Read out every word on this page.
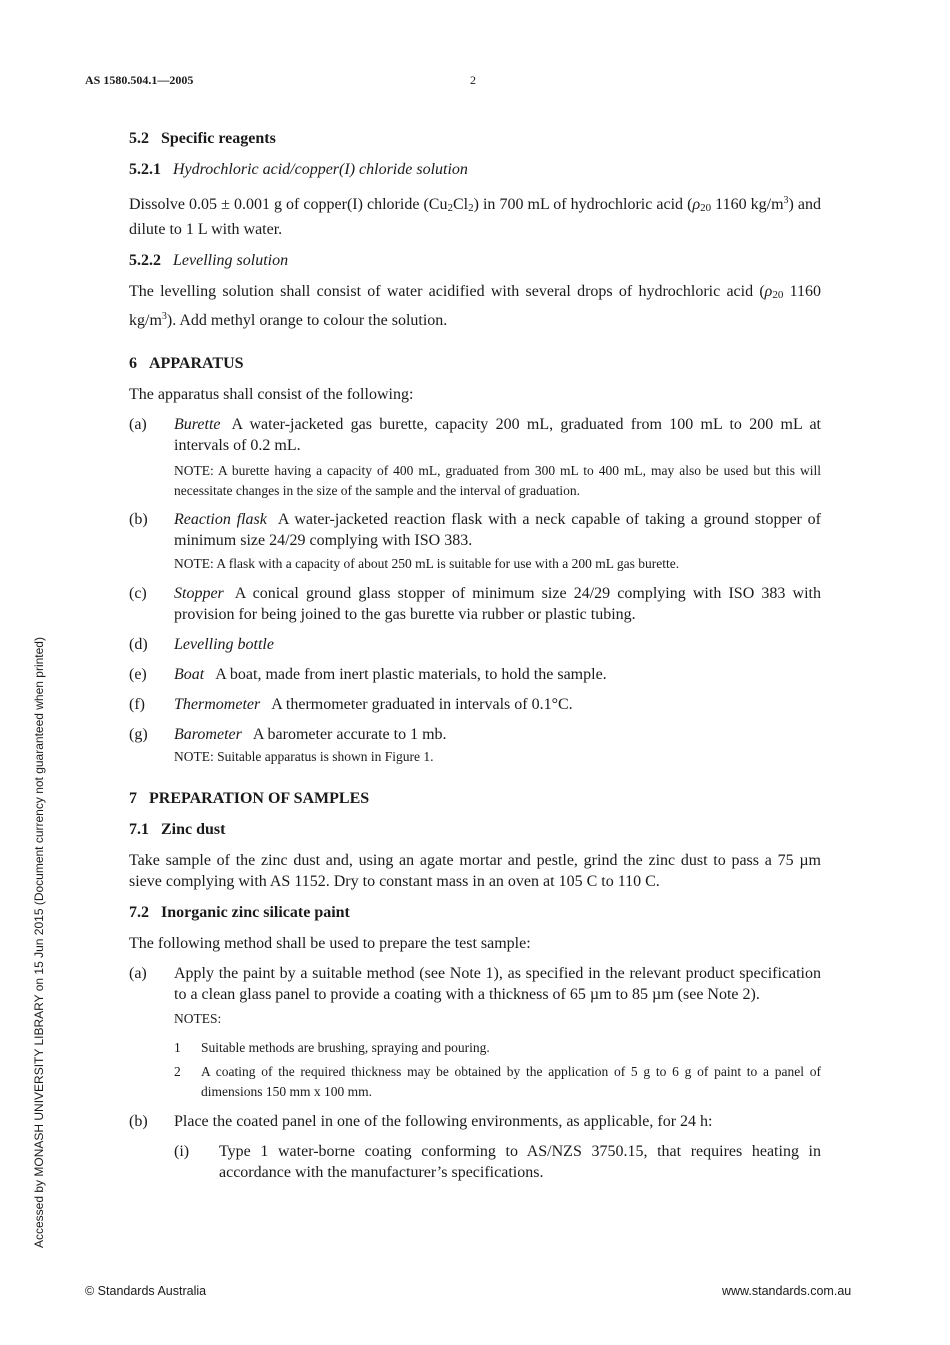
AS 1580.504.1—2005	2
Accessed by MONASH UNIVERSITY LIBRARY on 15 Jun 2015 (Document currency not guaranteed when printed)

5.2 Specific reagents

5.2.1 Hydrochloric acid/copper(I) chloride solution

Dissolve 0.05 ± 0.001 g of copper(I) chloride (Cu2Cl2) in 700 mL of hydrochloric acid (ρ20 1160 $kg/m^3$) and dilute to 1 L with water.

5.2.2 Levelling solution

The levelling solution shall consist of water acidified with several drops of hydrochloric acid (ρ20 1160 $kg/m^3$). Add methyl orange to colour the solution.

6 APPARATUS

The apparatus shall consist of the following:

(a) Burette A water-jacketed gas burette, capacity 200 mL, graduated from 100 mL to 200 mL at intervals of 0.2 mL.

NOTE: A burette having a capacity of 400 mL, graduated from 300 mL to 400 mL, may also be used but this will necessitate changes in the size of the sample and the interval of graduation.

(b) Reaction flask A water-jacketed reaction flask with a neck capable of taking a ground stopper of minimum size 24/29 complying with ISO 383.

NOTE: A flask with a capacity of about 250 mL is suitable for use with a 200 mL gas burette.

(c) Stopper A conical ground glass stopper of minimum size 24/29 complying with ISO 383 with provision for being joined to the gas burette via rubber or plastic tubing.

(d) Levelling bottle

(e) Boat A boat, made from inert plastic materials, to hold the sample.

(f) Thermometer A thermometer graduated in intervals of 0.1°C.

(g) Barometer A barometer accurate to 1 mb.

NOTE: Suitable apparatus is shown in Figure 1.

7 PREPARATION OF SAMPLES

7.1 Zinc dust

Take sample of the zinc dust and, using an agate mortar and pestle, grind the zinc dust to pass a 75 µm sieve complying with AS 1152. Dry to constant mass in an oven at 105 C to 110 C.

7.2 Inorganic zinc silicate paint

The following method shall be used to prepare the test sample:

(a) Apply the paint by a suitable method (see Note 1), as specified in the relevant product specification to a clean glass panel to provide a coating with a thickness of 65 µm to 85 µm (see Note 2).

NOTES:

1 Suitable methods are brushing, spraying and pouring.

2 A coating of the required thickness may be obtained by the application of 5 g to 6 g of paint to a panel of dimensions 150 mm x 100 mm.

(b) Place the coated panel in one of the following environments, as applicable, for 24 h:

(i) Type 1 water-borne coating conforming to AS/NZS 3750.15, that requires heating in accordance with the manufacturer’s specifications.

© Standards Australia	www.standards.com.au
